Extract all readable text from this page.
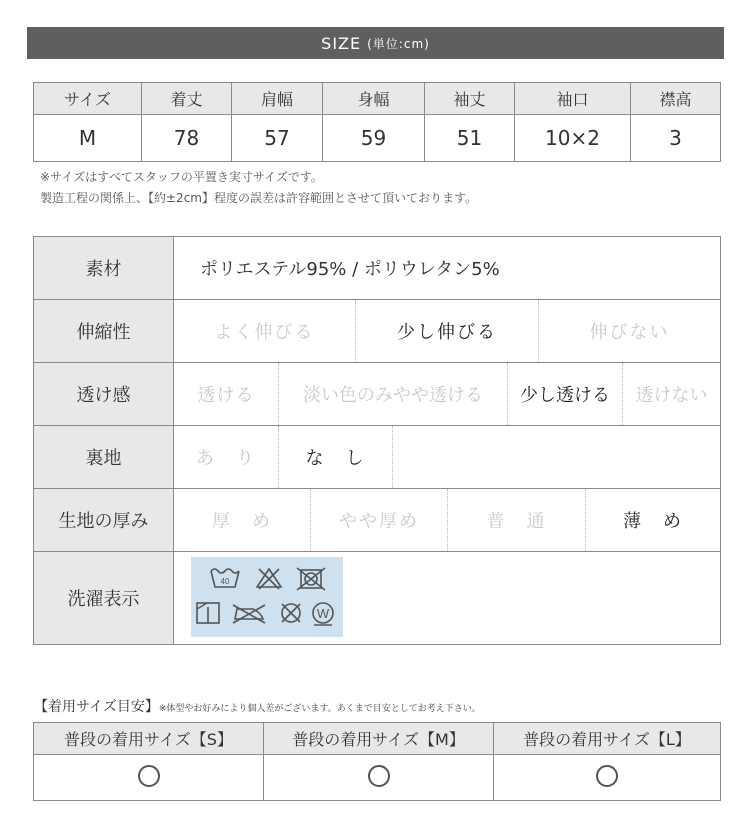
SIZE (単位:cm)
サイズ	着丈	肩幅	身幅	袖丈	袖口	襟高
M	78	57	59	51	10×2	3
※サイズはすべてスタッフの平置き実寸サイズです。
製造工程の関係上、【約±2cm】程度の誤差は許容範囲とさせて頂いております。
素材	ポリエステル95% / ポリウレタン5%
伸縮性	よく伸びる	少し伸びる	伸びない
透け感	透ける	淡い色のみやや透ける	少し透ける	透けない
裏地	あ　り	な　し
生地の厚み	厚　め	やや厚め	普　通	薄　め
洗濯表示
40
W
【着用サイズ目安】※体型やお好みにより個人差がございます。あくまで目安としてお考え下さい。
普段の着用サイズ【S】	普段の着用サイズ【M】	普段の着用サイズ【L】
